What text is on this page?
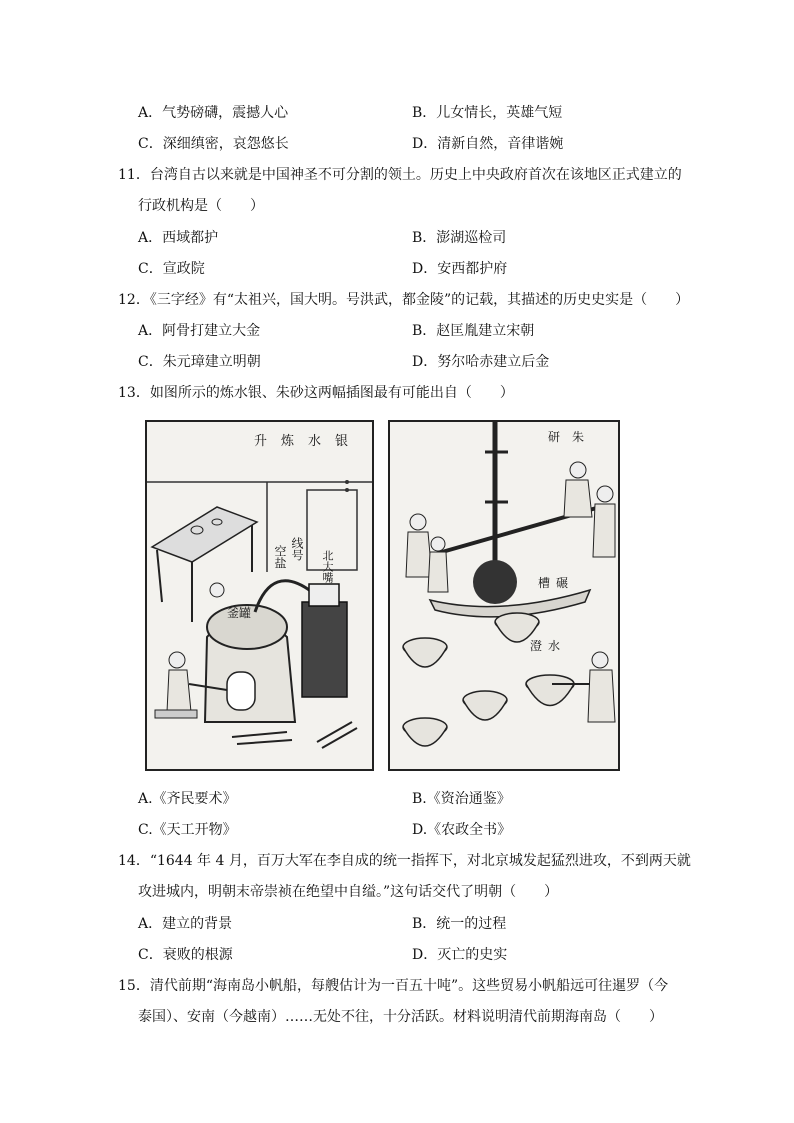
A．气势磅礴，震撼人心	B．儿女情长，英雄气短
C．深细缜密，哀怨悠长	D．清新自然，音律谐婉
11．台湾自古以来就是中国神圣不可分割的领土。历史上中央政府首次在该地区正式建立的
行政机构是（　　）
A．西域都护	B．澎湖巡检司
C．宣政院	D．安西都护府
12．《三字经》有“太祖兴，国大明。号洪武，都金陵”的记载，其描述的历史史实是（　　）
A．阿骨打建立大金	B．赵匡胤建立宋朝
C．朱元璋建立明朝	D．努尔哈赤建立后金
13．如图所示的炼水银、朱砂这两幅插图最有可能出自（　　）
升炼水银
釜罐
空盐 线号
北大嘴
研朱
槽碾
澄水
A.《齐民要术》	B.《资治通鉴》
C.《天工开物》	D.《农政全书》
14．“1644 年 4 月，百万大军在李自成的统一指挥下，对北京城发起猛烈进攻，不到两天就
攻进城内，明朝末帝崇祯在绝望中自缢。”这句话交代了明朝（　　）
A．建立的背景	B．统一的过程
C．衰败的根源	D．灭亡的史实
15．清代前期“海南岛小帆船，每艘估计为一百五十吨”。这些贸易小帆船远可往暹罗（今
泰国）、安南（今越南）……无处不往，十分活跃。材料说明清代前期海南岛（　　）
